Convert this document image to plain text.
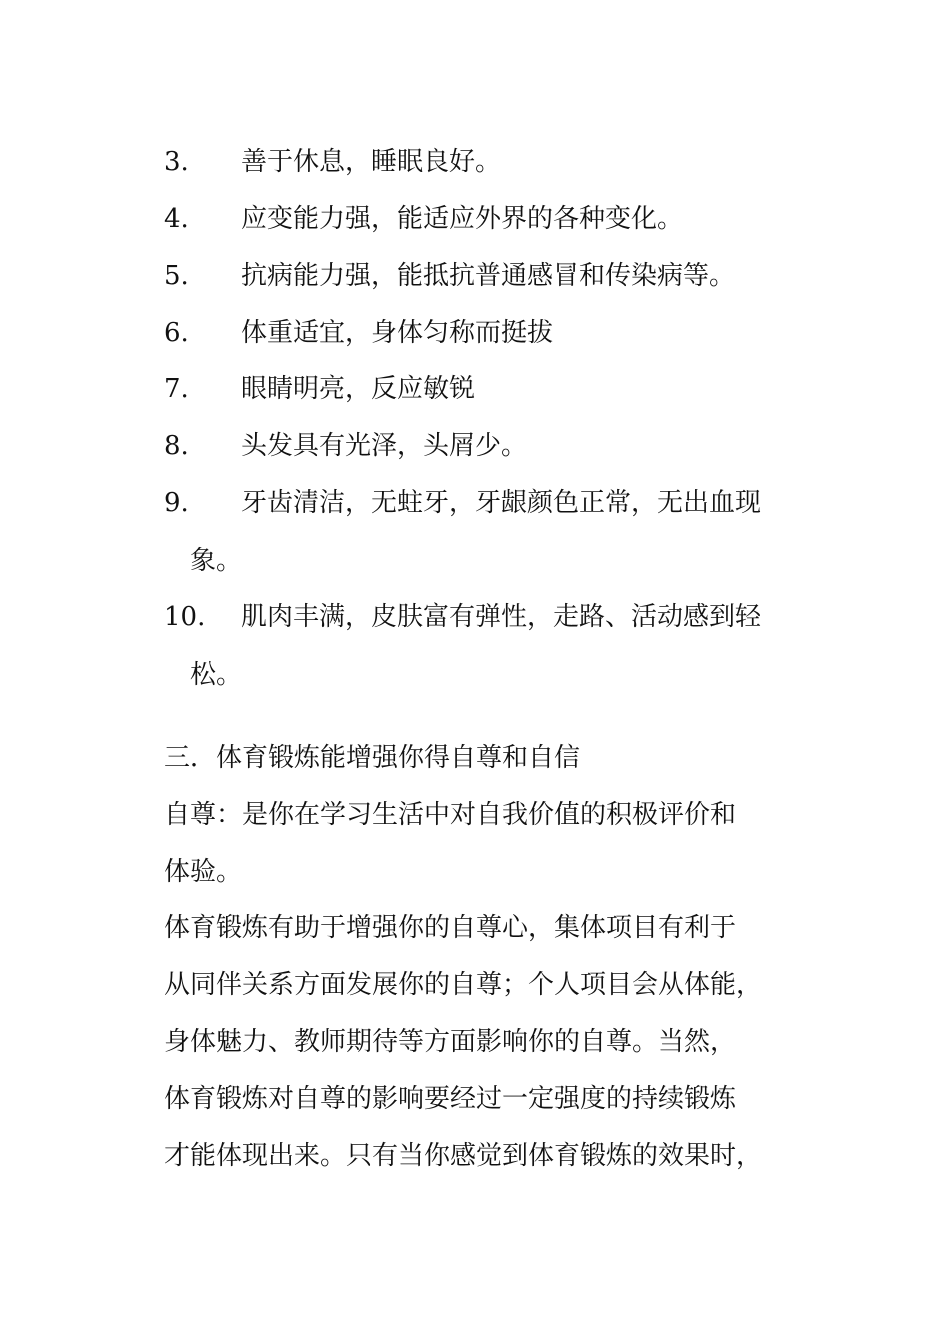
3. 善于休息，睡眠良好。
4. 应变能力强，能适应外界的各种变化。
5. 抗病能力强，能抵抗普通感冒和传染病等。
6. 体重适宜，身体匀称而挺拔
7. 眼睛明亮，反应敏锐
8. 头发具有光泽，头屑少。
9. 牙齿清洁，无蛀牙，牙龈颜色正常，无出血现
象。
10. 肌肉丰满，皮肤富有弹性，走路、活动感到轻
松。
三．体育锻炼能增强你得自尊和自信
自尊：是你在学习生活中对自我价值的积极评价和
体验。
体育锻炼有助于增强你的自尊心，集体项目有利于
从同伴关系方面发展你的自尊；个人项目会从体能，
身体魅力、教师期待等方面影响你的自尊。当然，
体育锻炼对自尊的影响要经过一定强度的持续锻炼
才能体现出来。只有当你感觉到体育锻炼的效果时，
